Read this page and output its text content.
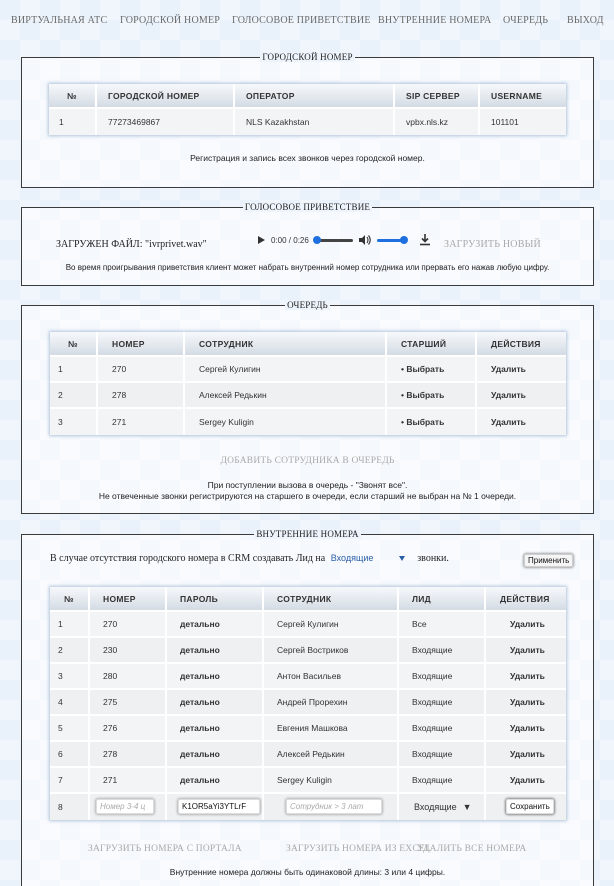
ВИРТУАЛЬНАЯ АТС ГОРОДСКОЙ НОМЕР ГОЛОСОВОЕ ПРИВЕТСТВИЕ ВНУТРЕННИЕ НОМЕРА ОЧЕРЕДЬ ВЫХОД
ГОРОДСКОЙ НОМЕР
№	ГОРОДСКОЙ НОМЕР	ОПЕРАТОР	SIP СЕРВЕР	USERNAME
1	77273469867	NLS Kazakhstan	vpbx.nls.kz	101101
Регистрация и запись всех звонков через городской номер.
ГОЛОСОВОЕ ПРИВЕТСТВИЕ
ЗАГРУЖЕН ФАЙЛ: "ivrprivet.wav"	0:00 / 0:26	ЗАГРУЗИТЬ НОВЫЙ
Во время проигрывания приветствия клиент может набрать внутренний номер сотрудника или прервать его нажав любую цифру.
ОЧЕРЕДЬ
№	НОМЕР	СОТРУДНИК	СТАРШИЙ	ДЕЙСТВИЯ
1	270	Сергей Кулигин	• Выбрать	Удалить
2	278	Алексей Редькин	• Выбрать	Удалить
3	271	Sergey Kuligin	• Выбрать	Удалить
ДОБАВИТЬ СОТРУДНИКА В ОЧЕРЕДЬ
При поступлении вызова в очередь - "Звонят все".
Не отвеченные звонки регистрируются на старшего в очереди, если старший не выбран на № 1 очереди.
ВНУТРЕННИЕ НОМЕРА
В случае отсутствия городского номера в CRM создавать Лид на Входящие	звонки.	Применить
№	НОМЕР	ПАРОЛЬ	СОТРУДНИК	ЛИД	ДЕЙСТВИЯ
1	270	детально	Сергей Кулигин	Все	Удалить
2	230	детально	Сергей Востриков	Входящие	Удалить
3	280	детально	Антон Васильев	Входящие	Удалить
4	275	детально	Андрей Прорехин	Входящие	Удалить
5	276	детально	Евгения Машкова	Входящие	Удалить
6	278	детально	Алексей Редькин	Входящие	Удалить
7	271	детально	Sergey Kuligin	Входящие	Удалить
8	Номер 3-4 ц	K1OR5aYi3YTLrF	Сотрудник > 3 лат	Входящие ▼	Сохранить
ЗАГРУЗИТЬ НОМЕРА С ПОРТАЛА	ЗАГРУЗИТЬ НОМЕРА ИЗ EXCEL
УДАЛИТЬ ВСЕ НОМЕРА
Внутренние номера должны быть одинаковой длины: 3 или 4 цифры.
